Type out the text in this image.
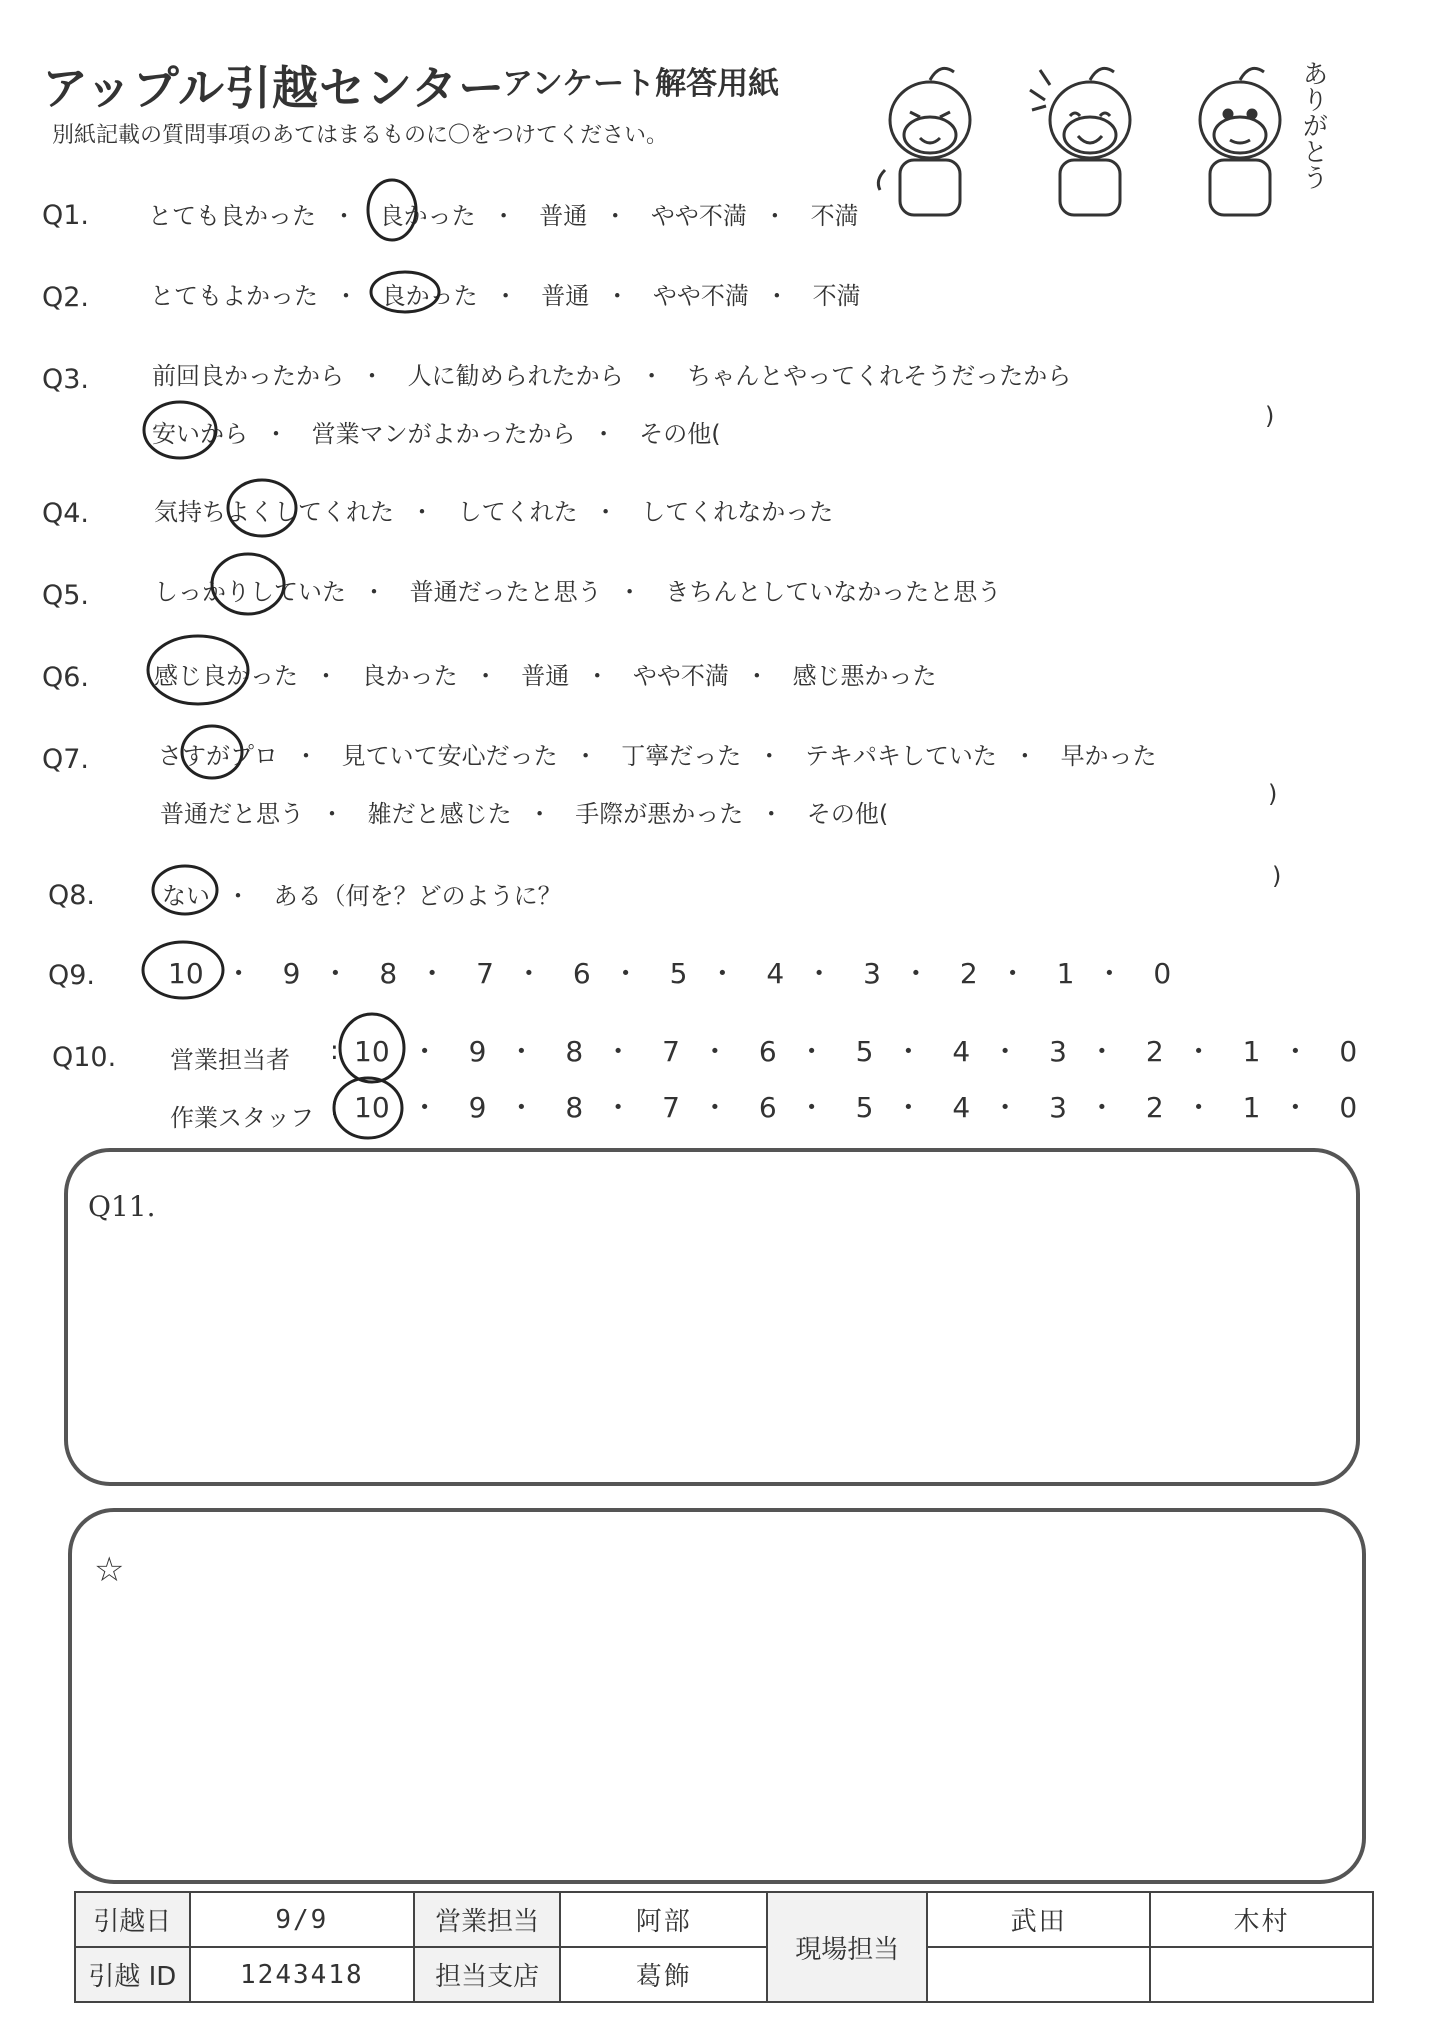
アップル引越センター
アンケート解答用紙
別紙記載の質問事項のあてはまるものに〇をつけてください。	ありがとう
Q1. とても良かった ・ 良かった ・ 普通 ・ やや不満 ・ 不満
Q2.	とてもよかった ・ 良かった ・ 普通 ・ やや不満 ・ 不満
Q3.	前回良かったから ・ 人に勧められたから ・ ちゃんとやってくれそうだったから
安いから ・ 営業マンがよかったから ・ その他(
)
Q4.	気持ちよくしてくれた ・ してくれた ・ してくれなかった
Q5.	しっかりしていた ・ 普通だったと思う ・ きちんとしていなかったと思う
Q6.	感じ良かった ・ 良かった ・ 普通 ・ やや不満 ・ 感じ悪かった
Q7.	さすがプロ ・ 見ていて安心だった ・ 丁寧だった ・ テキパキしていた ・ 早かった
普通だと思う ・ 雑だと感じた ・ 手際が悪かった ・ その他(
)
Q8.	ない ・ ある（何を？どのように？
)
Q9.	10 ・ 9 ・ 8 ・ 7 ・ 6 ・ 5 ・ 4 ・ 3 ・ 2 ・ 1 ・ 0
Q10. 営業担当者 : 10 ・ 9 ・ 8 ・ 7 ・ 6 ・ 5 ・ 4 ・ 3 ・ 2 ・ 1 ・ 0
作業スタッフ : 10 ・ 9 ・ 8 ・ 7 ・ 6 ・ 5 ・ 4 ・ 3 ・ 2 ・ 1 ・ 0
Q11.
☆
引越日	9/9	営業担当	阿部	現場担当	武田	木村
引越 ID	1243418	担当支店	葛飾			
